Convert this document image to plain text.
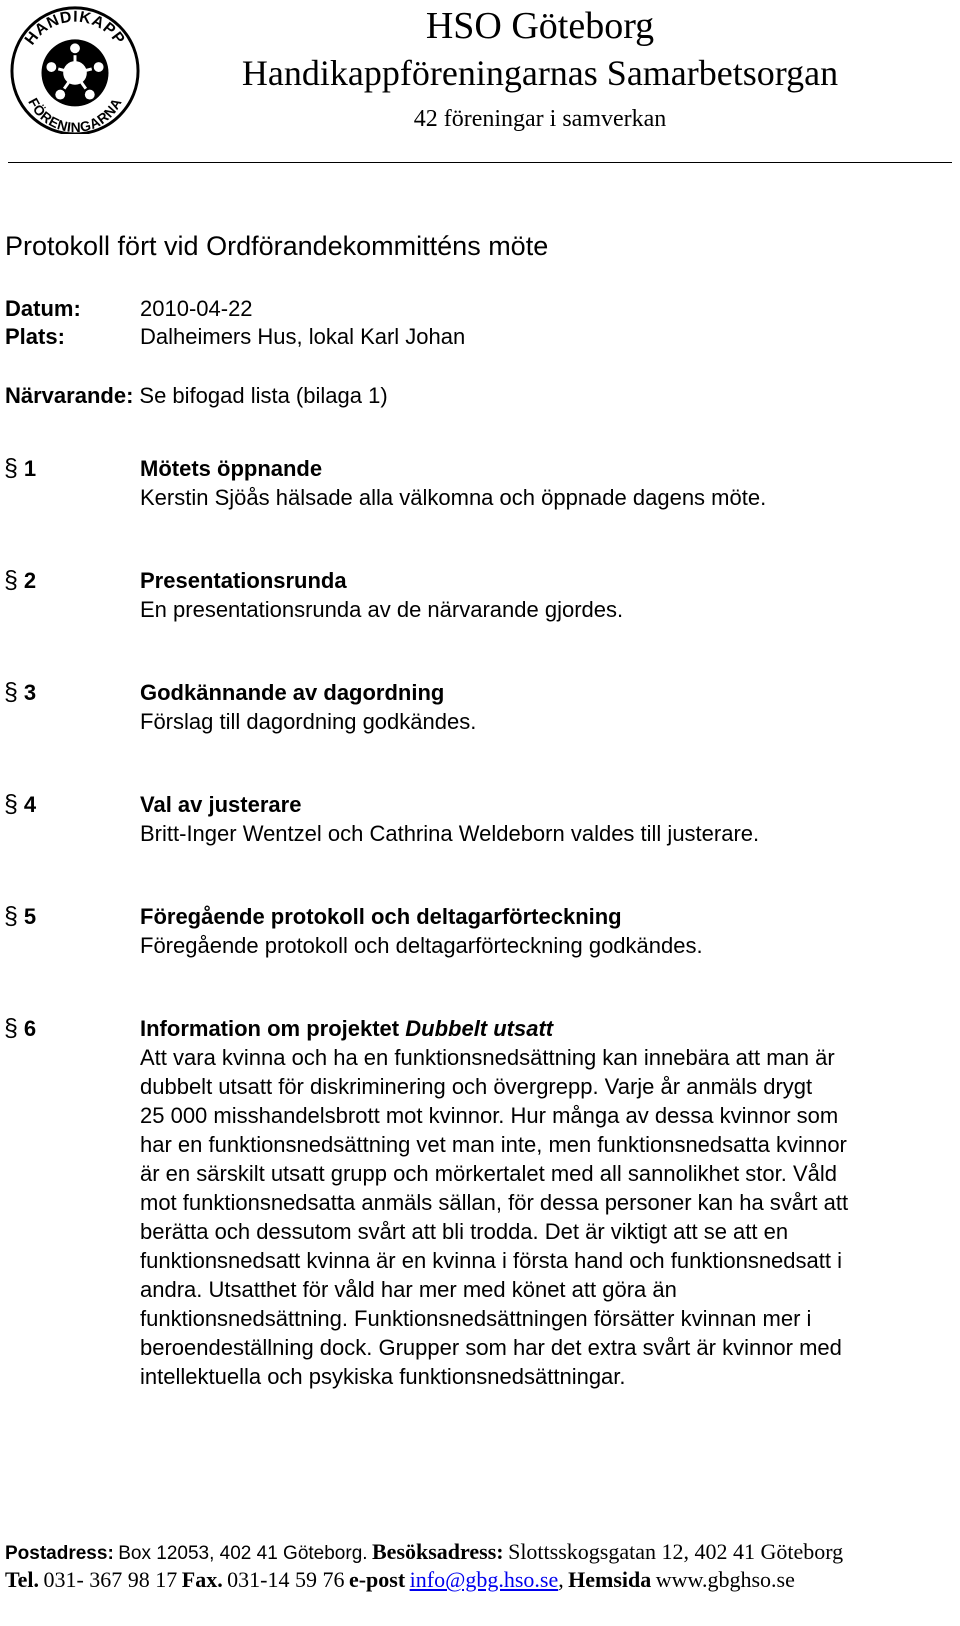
HANDIKAPP
FÖRENINGARNA
HSO Göteborg
Handikappföreningarnas Samarbetsorgan
42 föreningar i samverkan
Protokoll fört vid Ordförandekommitténs möte
Datum:	2010-04-22
Plats:	Dalheimers Hus, lokal Karl Johan
Närvarande: Se bifogad lista (bilaga 1)
§ 1	Mötets öppnande

Kerstin Sjöås hälsade alla välkomna och öppnade dagens möte.

§ 2	Presentationsrunda

En presentationsrunda av de närvarande gjordes.

§ 3	Godkännande av dagordning

Förslag till dagordning godkändes.

§ 4	Val av justerare

Britt-Inger Wentzel och Cathrina Weldeborn valdes till justerare.

§ 5	Föregående protokoll och deltagarförteckning

Föregående protokoll och deltagarförteckning godkändes.

§ 6	Information om projektet Dubbelt utsatt
Att vara kvinna och ha en funktionsnedsättning kan innebära att man är
dubbelt utsatt för diskriminering och övergrepp. Varje år anmäls drygt
25 000 misshandelsbrott mot kvinnor. Hur många av dessa kvinnor som
har en funktionsnedsättning vet man inte, men funktionsnedsatta kvinnor
är en särskilt utsatt grupp och mörkertalet med all sannolikhet stor. Våld
mot funktionsnedsatta anmäls sällan, för dessa personer kan ha svårt att
berätta och dessutom svårt att bli trodda. Det är viktigt att se att en
funktionsnedsatt kvinna är en kvinna i första hand och funktionsnedsatt i
andra. Utsatthet för våld har mer med könet att göra än
funktionsnedsättning. Funktionsnedsättningen försätter kvinnan mer i
beroendeställning dock. Grupper som har det extra svårt är kvinnor med
intellektuella och psykiska funktionsnedsättningar.
Postadress: Box 12053, 402 41 Göteborg. Besöksadress: Slottsskogsgatan 12, 402 41 Göteborg
Tel. 031- 367 98 17 Fax. 031-14 59 76 e-post info@gbg.hso.se, Hemsida www.gbghso.se
